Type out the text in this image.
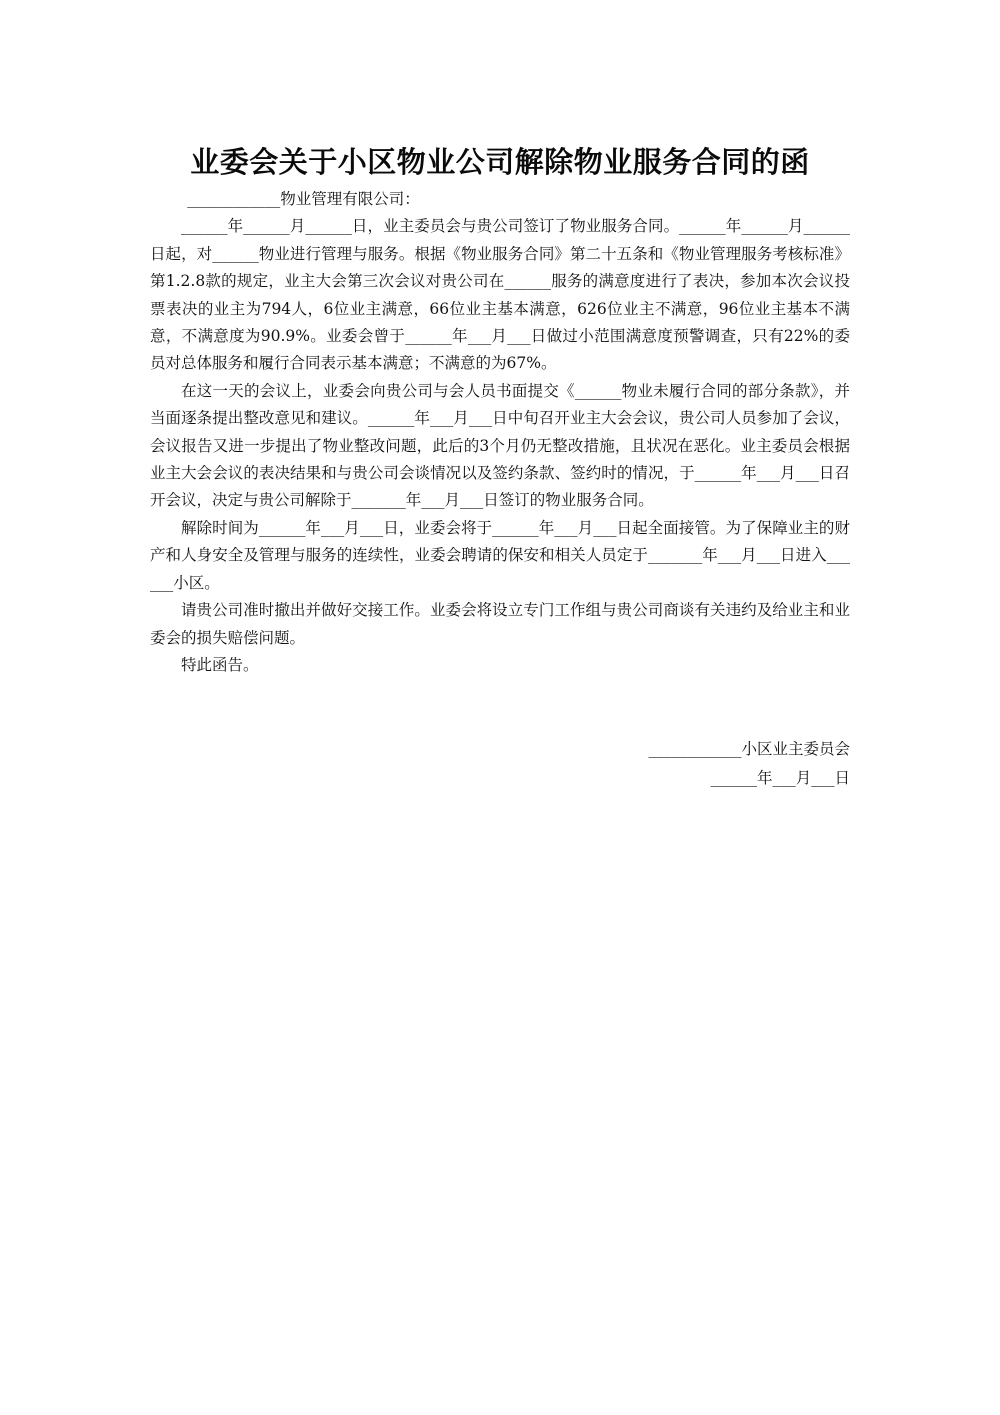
业委会关于小区物业公司解除物业服务合同的函

____________物业管理有限公司：

______年______月______日，业主委员会与贵公司签订了物业服务合同。______年______月______日起，对______物业进行管理与服务。根据《物业服务合同》第二十五条和《物业管理服务考核标准》第1.2.8款的规定，业主大会第三次会议对贵公司在______服务的满意度进行了表决，参加本次会议投票表决的业主为794人，6位业主满意，66位业主基本满意，626位业主不满意，96位业主基本不满意，不满意度为90.9%。业委会曾于______年___月___日做过小范围满意度预警调查，只有22%的委员对总体服务和履行合同表示基本满意；不满意的为67%。

在这一天的会议上，业委会向贵公司与会人员书面提交《______物业未履行合同的部分条款》，并当面逐条提出整改意见和建议。______年___月___日中旬召开业主大会会议，贵公司人员参加了会议，会议报告又进一步提出了物业整改问题，此后的3个月仍无整改措施，且状况在恶化。业主委员会根据业主大会会议的表决结果和与贵公司会谈情况以及签约条款、签约时的情况，于______年___月___日召开会议，决定与贵公司解除于_______年___月___日签订的物业服务合同。

解除时间为______年___月___日，业委会将于______年___月___日起全面接管。为了保障业主的财产和人身安全及管理与服务的连续性，业委会聘请的保安和相关人员定于_______年___月___日进入______小区。

请贵公司准时撤出并做好交接工作。业委会将设立专门工作组与贵公司商谈有关违约及给业主和业委会的损失赔偿问题。

特此函告。

____________小区业主委员会
______年___月___日
